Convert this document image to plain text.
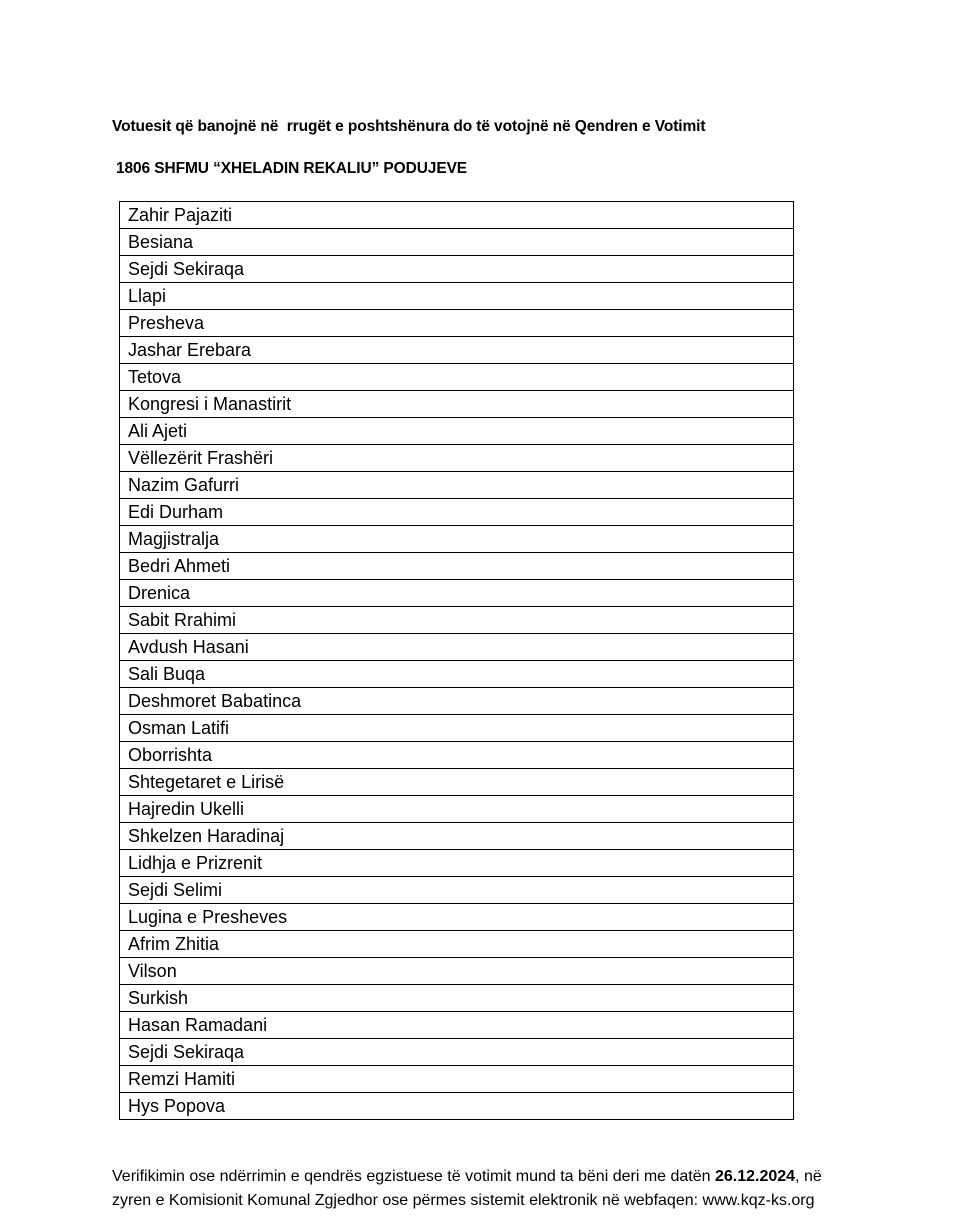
Votuesit që banojnë në  rrugët e poshtshënura do të votojnë në Qendren e Votimit
1806 SHFMU “XHELADIN REKALIU” PODUJEVE
Zahir Pajaziti
Besiana
Sejdi Sekiraqa
Llapi
Presheva
Jashar Erebara
Tetova
Kongresi i Manastirit
Ali Ajeti
Vëllezërit Frashëri
Nazim Gafurri
Edi Durham
Magjistralja
Bedri Ahmeti
Drenica
Sabit Rrahimi
Avdush Hasani
Sali Buqa
Deshmoret Babatinca
Osman Latifi
Oborrishta
Shtegetaret e Lirisë
Hajredin Ukelli
Shkelzen Haradinaj
Lidhja e Prizrenit
Sejdi Selimi
Lugina e Presheves
Afrim Zhitia
Vilson
Surkish
Hasan Ramadani
Sejdi Sekiraqa
Remzi Hamiti
Hys Popova
Verifikimin ose ndërrimin e qendrës egzistuese të votimit mund ta bëni deri me datën 26.12.2024, në
zyren e Komisionit Komunal Zgjedhor ose përmes sistemit elektronik në webfaqen: www.kqz-ks.org
